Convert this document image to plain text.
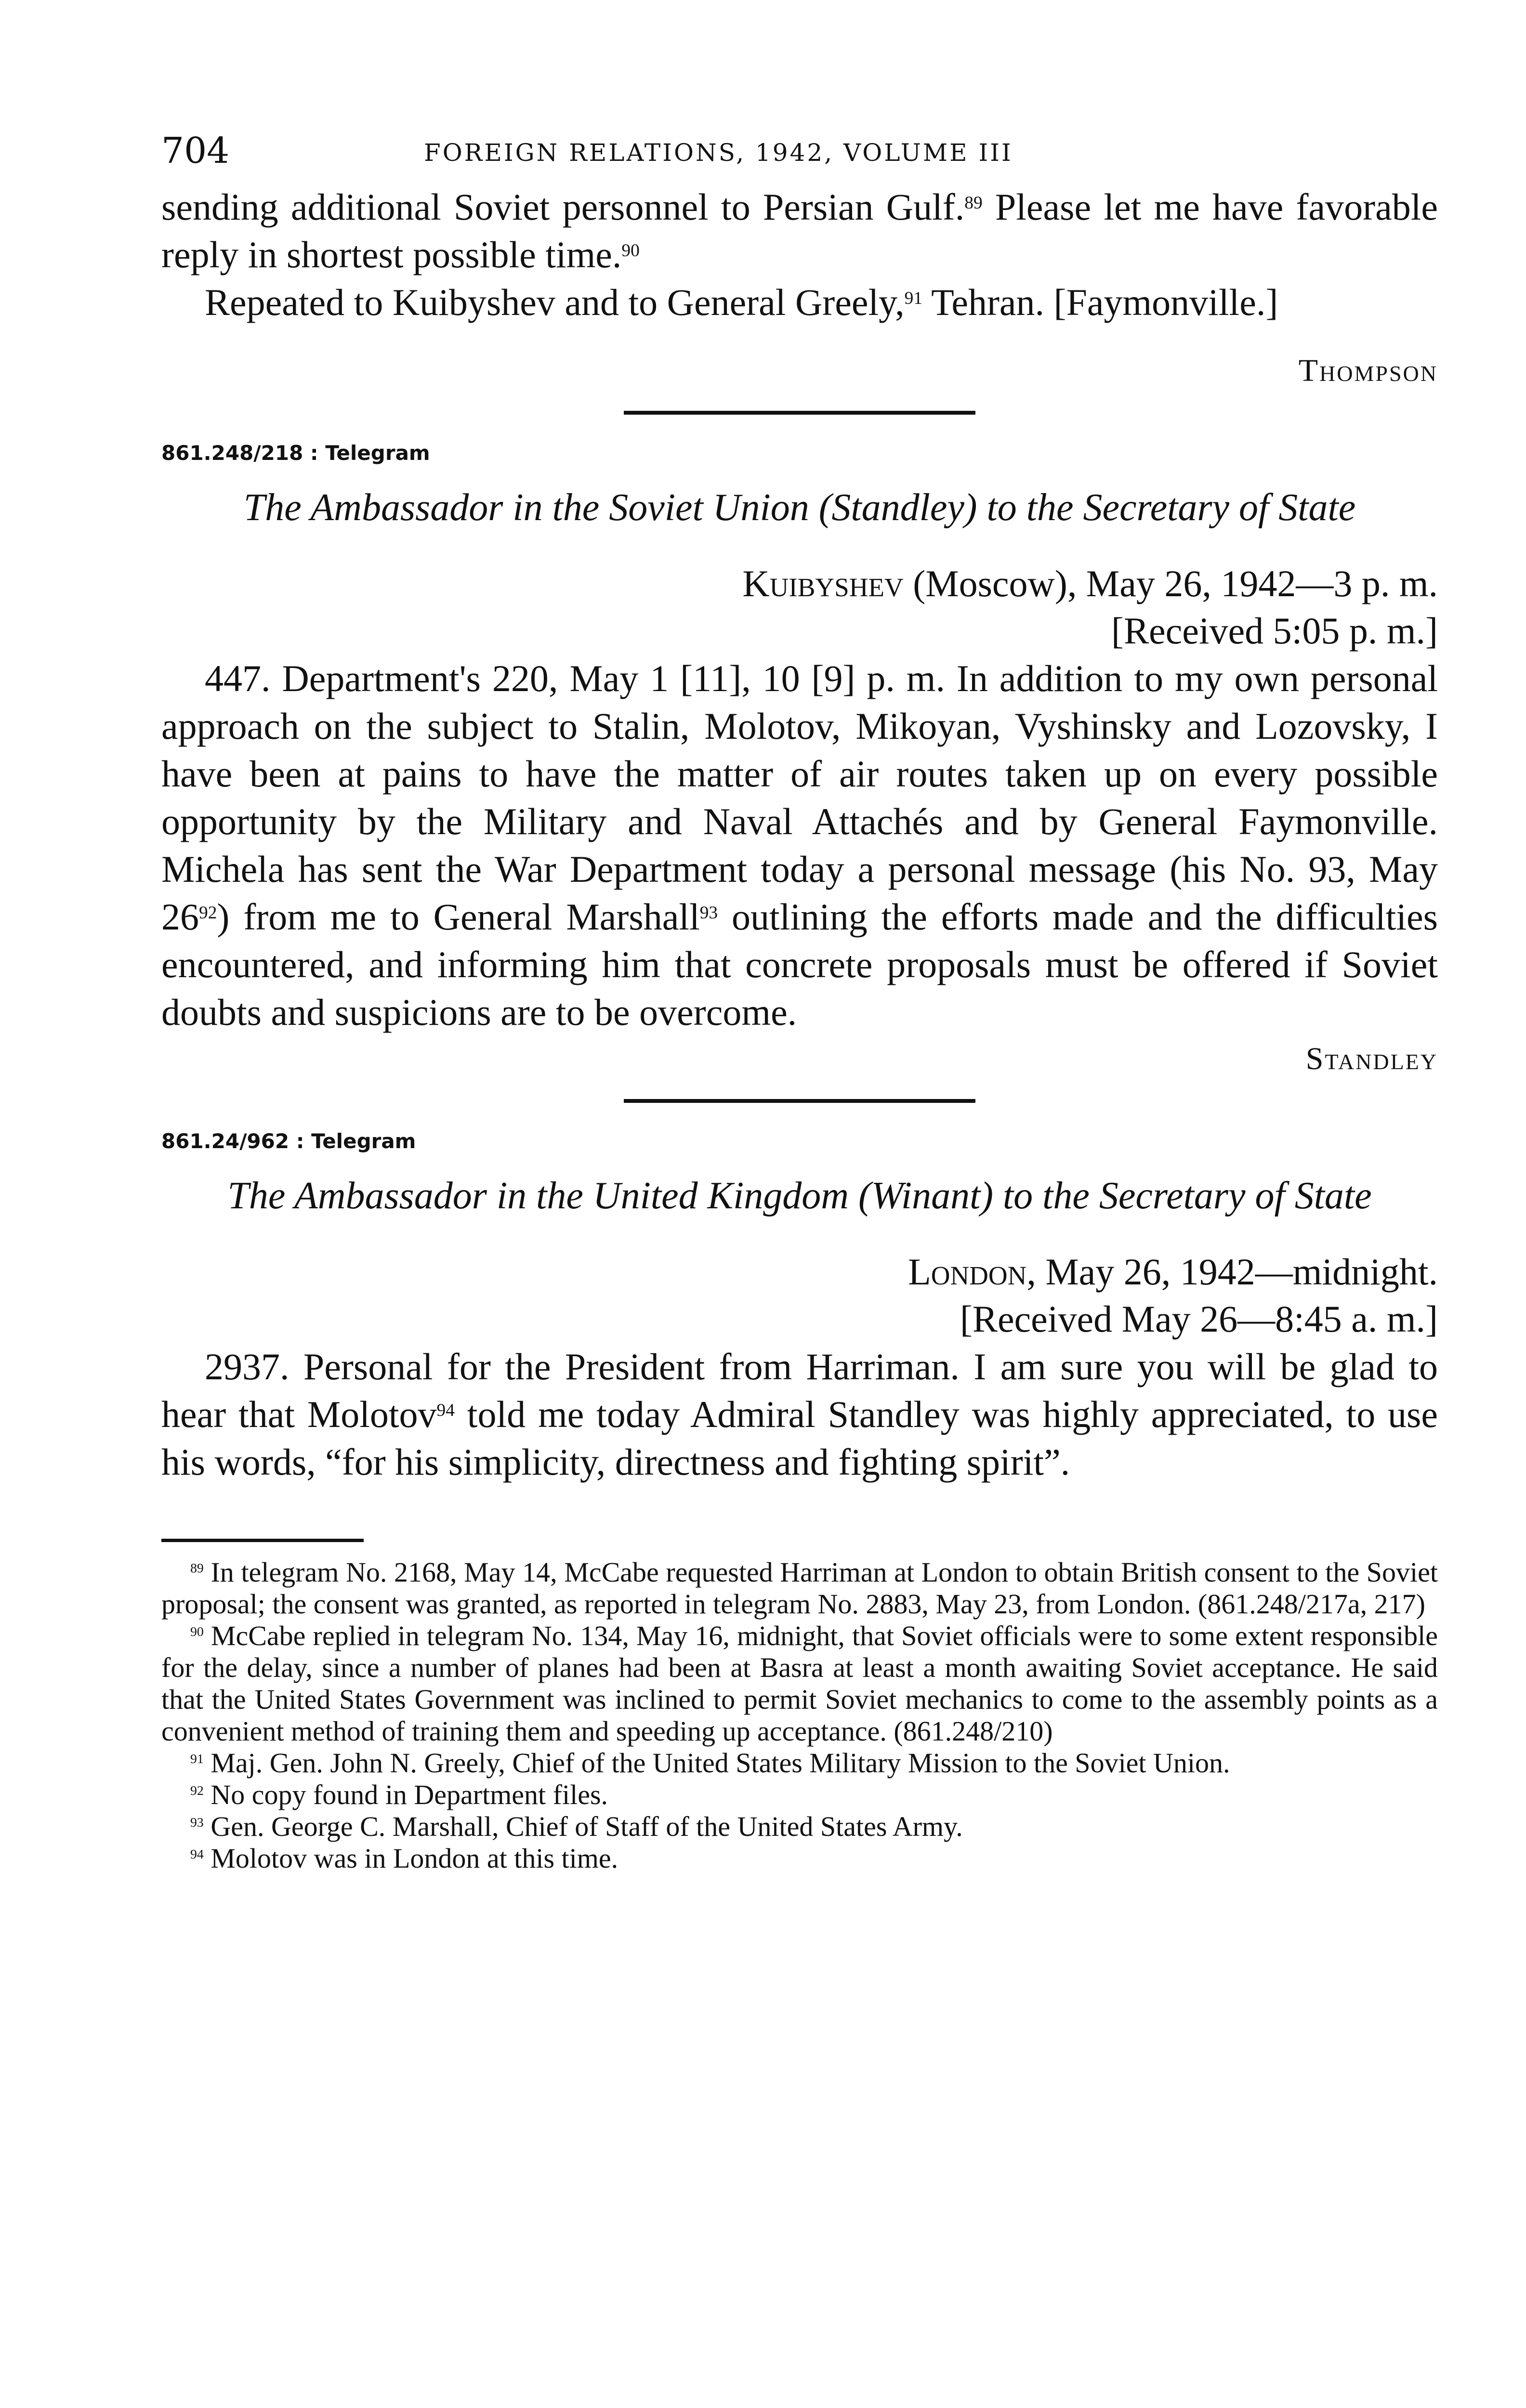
704	FOREIGN RELATIONS, 1942, VOLUME III

sending additional Soviet personnel to Persian Gulf.$^{89}$ Please let me have favorable reply in shortest possible time.$^{90}$

Repeated to Kuibyshev and to General Greely,$^{91}$ Tehran. [Faymonville.]

Thompson
861.248/218 : Telegram
The Ambassador in the Soviet Union (Standley) to the Secretary of State
Kuibyshev (Moscow), May 26, 1942—3 p. m.
[Received 5:05 p. m.]

447. Department's 220, May 1 [11], 10 [9] p. m. In addition to my own personal approach on the subject to Stalin, Molotov, Mikoyan, Vyshinsky and Lozovsky, I have been at pains to have the matter of air routes taken up on every possible opportunity by the Military and Naval Attachés and by General Faymonville. Michela has sent the War Department today a personal message (his No. 93, May $26^{92}$) from me to General Marshall$^{93}$ outlining the efforts made and the difficulties encountered, and informing him that concrete proposals must be offered if Soviet doubts and suspicions are to be overcome.

Standley
861.24/962 : Telegram
The Ambassador in the United Kingdom (Winant) to the Secretary of State
London, May 26, 1942—midnight.
[Received May 26—8:45 a. m.]

2937. Personal for the President from Harriman. I am sure you will be glad to hear that Molotov$^{94}$ told me today Admiral Standley was highly appreciated, to use his words, “for his simplicity, directness and fighting spirit”.

$^{89}$ In telegram No. 2168, May 14, McCabe requested Harriman at London to obtain British consent to the Soviet proposal; the consent was granted, as reported in telegram No. 2883, May 23, from London. (861.248/217a, 217)

$^{90}$ McCabe replied in telegram No. 134, May 16, midnight, that Soviet officials were to some extent responsible for the delay, since a number of planes had been at Basra at least a month awaiting Soviet acceptance. He said that the United States Government was inclined to permit Soviet mechanics to come to the assembly points as a convenient method of training them and speeding up acceptance. (861.248/210)

$^{91}$ Maj. Gen. John N. Greely, Chief of the United States Military Mission to the Soviet Union.

$^{92}$ No copy found in Department files.

$^{93}$ Gen. George C. Marshall, Chief of Staff of the United States Army.

$^{94}$ Molotov was in London at this time.
